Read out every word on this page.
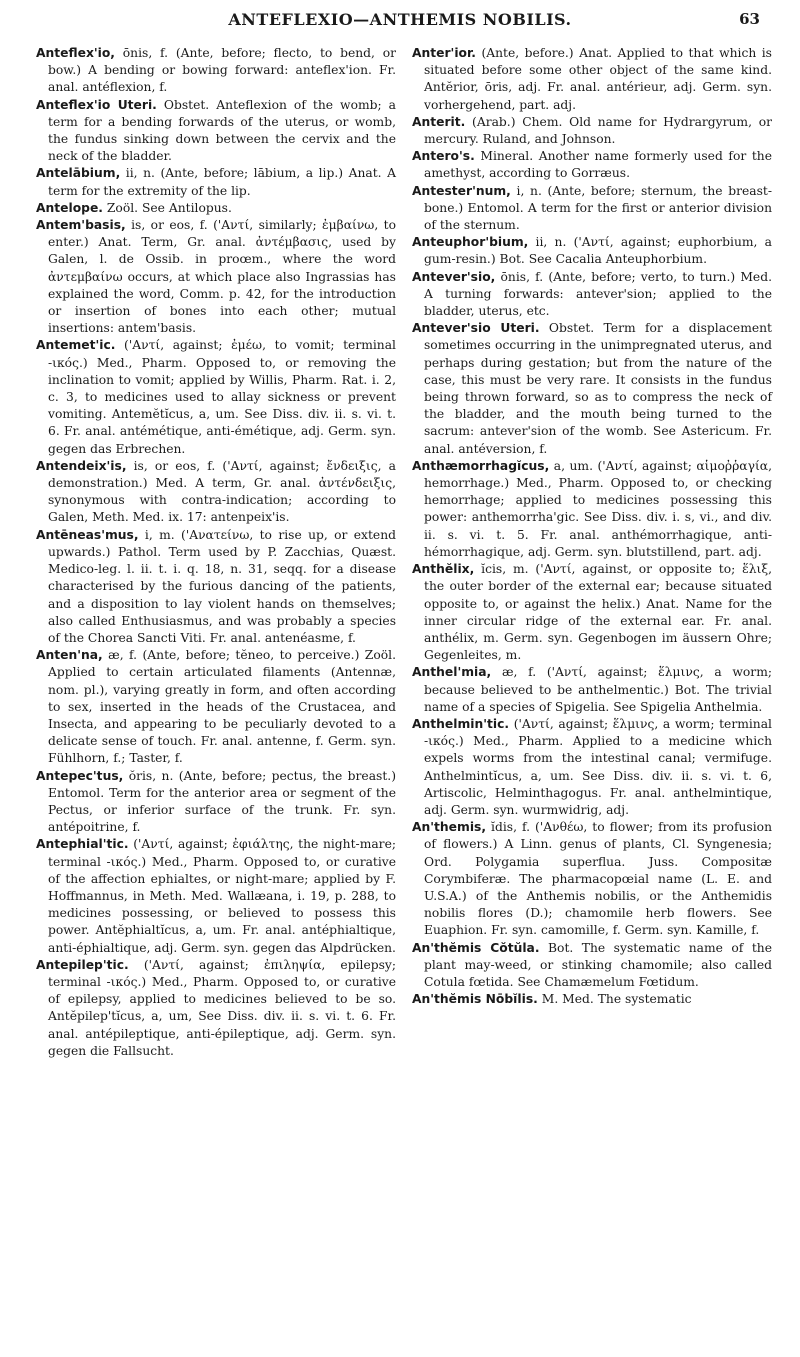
ANTEFLEXIO—ANTHEMIS NOBILIS.	63

Anteflex'io, ōnis, f. (Ante, before; flecto, to bend, or bow.) A bending or bowing forward: anteflex'ion. Fr. anal. antéflexion, f.

Anteflex'io Uteri. Obstet. Anteflexion of the womb; a term for a bending forwards of the uterus, or womb, the fundus sinking down between the cervix and the neck of the bladder.

Antelābium, ii, n. (Ante, before; lābium, a lip.) Anat. A term for the extremity of the lip.

Antelope. Zoöl. See Antilopus.

Antem'basis, is, or eos, f. ('Αντί, similarly; ἐμβαίνω, to enter.) Anat. Term, Gr. anal. ἀντέμβασις, used by Galen, l. de Ossib. in proœm., where the word ἀντεμβαίνω occurs, at which place also Ingrassias has explained the word, Comm. p. 42, for the introduction or insertion of bones into each other; mutual insertions: antem'basis.

Antemet'ic. ('Αντί, against; ἐμέω, to vomit; terminal -ικός.) Med., Pharm. Opposed to, or removing the inclination to vomit; applied by Willis, Pharm. Rat. i. 2, c. 3, to medicines used to allay sickness or prevent vomiting. Antemĕtĭcus, a, um. See Diss. div. ii. s. vi. t. 6. Fr. anal. antémétique, anti-émétique, adj. Germ. syn. gegen das Erbrechen.

Antendeix'is, is, or eos, f. ('Αντί, against; ἔνδειξις, a demonstration.) Med. A term, Gr. anal. ἀντένδειξις, synonymous with contra-indication; according to Galen, Meth. Med. ix. 17: antenpeix'is.

Antēneas'mus, i, m. ('Ανατείνω, to rise up, or extend upwards.) Pathol. Term used by P. Zacchias, Quæst. Medico-leg. l. ii. t. i. q. 18, n. 31, seqq. for a disease characterised by the furious dancing of the patients, and a disposition to lay violent hands on themselves; also called Enthusiasmus, and was probably a species of the Chorea Sancti Viti. Fr. anal. antenéasme, f.

Anten'na, æ, f. (Ante, before; tĕneo, to perceive.) Zoöl. Applied to certain articulated filaments (Antennæ, nom. pl.), varying greatly in form, and often according to sex, inserted in the heads of the Crustacea, and Insecta, and appearing to be peculiarly devoted to a delicate sense of touch. Fr. anal. antenne, f. Germ. syn. Fühlhorn, f.; Taster, f.

Antepec'tus, ŏris, n. (Ante, before; pectus, the breast.) Entomol. Term for the anterior area or segment of the Pectus, or inferior surface of the trunk. Fr. syn. antépoitrine, f.

Antephial'tic. ('Αντί, against; ἐφιάλτης, the night-mare; terminal -ικός.) Med., Pharm. Opposed to, or curative of the affection ephialtes, or night-mare; applied by F. Hoffmannus, in Meth. Med. Wallæana, i. 19, p. 288, to medicines possessing, or believed to possess this power. Antĕphialtĭcus, a, um. Fr. anal. antéphialtique, anti-éphialtique, adj. Germ. syn. gegen das Alpdrücken.

Antepilep'tic. ('Αντί, against; ἐπιληψία, epilepsy; terminal -ικός.) Med., Pharm. Opposed to, or curative of epilepsy, applied to medicines believed to be so. Antĕpilep'tĭcus, a, um, See Diss. div. ii. s. vi. t. 6. Fr. anal. antépileptique, anti-épileptique, adj. Germ. syn. gegen die Fallsucht.

Anter'ior. (Ante, before.) Anat. Applied to that which is situated before some other object of the same kind. Antĕrior, ōris, adj. Fr. anal. antérieur, adj. Germ. syn. vorhergehend, part. adj.

Anterit. (Arab.) Chem. Old name for Hydrargyrum, or mercury. Ruland, and Johnson.

Antero's. Mineral. Another name formerly used for the amethyst, according to Gorræus.

Antester'num, i, n. (Ante, before; sternum, the breast-bone.) Entomol. A term for the first or anterior division of the sternum.

Anteuphor'bium, ii, n. ('Αντί, against; euphorbium, a gum-resin.) Bot. See Cacalia Anteuphorbium.

Antever'sio, ōnis, f. (Ante, before; verto, to turn.) Med. A turning forwards: antever'sion; applied to the bladder, uterus, etc.

Antever'sio Uteri. Obstet. Term for a displacement sometimes occurring in the unimpregnated uterus, and perhaps during gestation; but from the nature of the case, this must be very rare. It consists in the fundus being thrown forward, so as to compress the neck of the bladder, and the mouth being turned to the sacrum: antever'sion of the womb. See Astericum. Fr. anal. antéversion, f.

Anthæmorrhagĭcus, a, um. ('Αντί, against; αἱμοῤῥαγία, hemorrhage.) Med., Pharm. Opposed to, or checking hemorrhage; applied to medicines possessing this power: anthemorrha'gic. See Diss. div. i. s, vi., and div. ii. s. vi. t. 5. Fr. anal. anthémorrhagique, anti-hémorrhagique, adj. Germ. syn. blutstillend, part. adj.

Anthĕlix, ĭcis, m. ('Αντί, against, or opposite to; ἕλιξ, the outer border of the external ear; because situated opposite to, or against the helix.) Anat. Name for the inner circular ridge of the external ear. Fr. anal. anthélix, m. Germ. syn. Gegenbogen im äussern Ohre; Gegenleites, m.

Anthel'mia, æ, f. ('Αντί, against; ἕλμινς, a worm; because believed to be anthelmentic.) Bot. The trivial name of a species of Spigelia. See Spigelia Anthelmia.

Anthelmin'tic. ('Αντί, against; ἕλμινς, a worm; terminal -ικός.) Med., Pharm. Applied to a medicine which expels worms from the intestinal canal; vermifuge. Anthelmintĭcus, a, um. See Diss. div. ii. s. vi. t. 6, Artiscolic, Helminthagogus. Fr. anal. anthelmintique, adj. Germ. syn. wurmwidrig, adj.

An'themis, ĭdis, f. ('Ανθέω, to flower; from its profusion of flowers.) A Linn. genus of plants, Cl. Syngenesia; Ord. Polygamia superflua. Juss. Compositæ Corymbiferæ. The pharmacopœial name (L. E. and U.S.A.) of the Anthemis nobilis, or the Anthemidis nobilis flores (D.); chamomile herb flowers. See Euaphion. Fr. syn. camomille, f. Germ. syn. Kamille, f.

An'thĕmis Cŏtŭla. Bot. The systematic name of the plant may-weed, or stinking chamomile; also called Cotula fœtida. See Chamæmelum Fœtidum.

An'thĕmis Nōbĭlis. M. Med. The systematic
